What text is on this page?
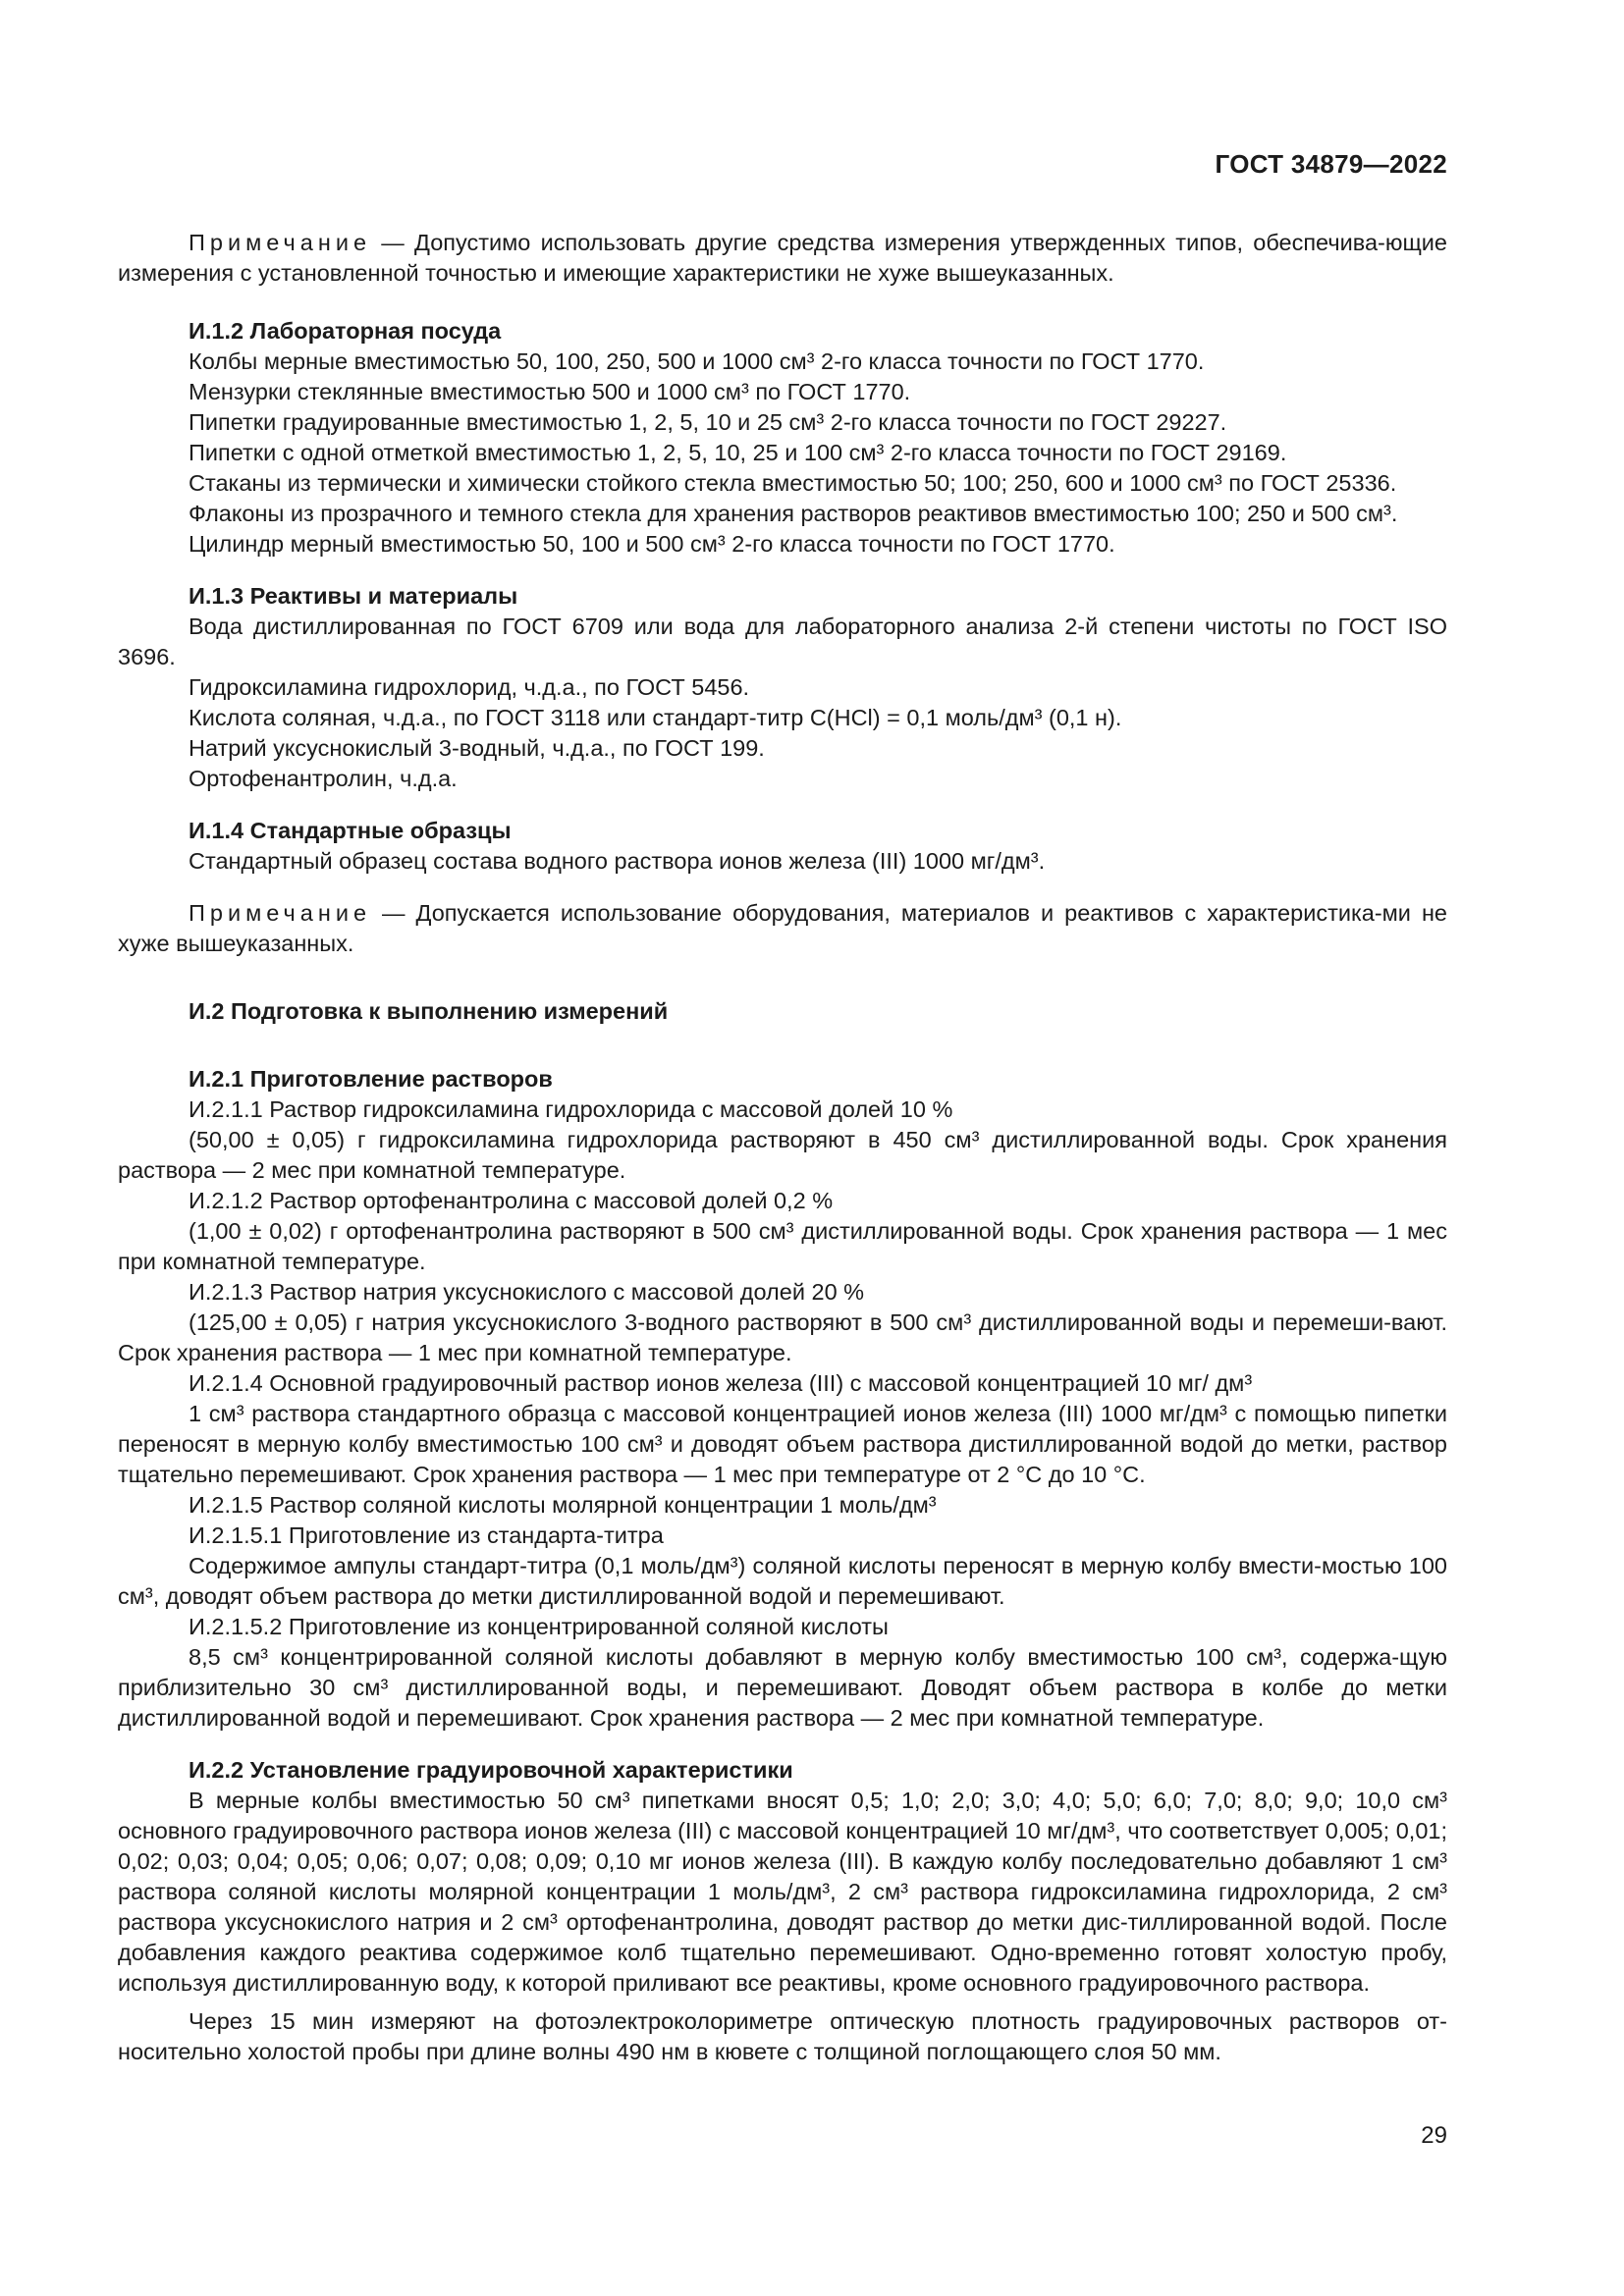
ГОСТ 34879—2022

Примечание — Допустимо использовать другие средства измерения утвержденных типов, обеспечива-ющие измерения с установленной точностью и имеющие характеристики не хуже вышеуказанных.

И.1.2 Лабораторная посуда

Колбы мерные вместимостью 50, 100, 250, 500 и 1000 см³ 2-го класса точности по ГОСТ 1770.

Мензурки стеклянные вместимостью 500 и 1000 см³ по ГОСТ 1770.

Пипетки градуированные вместимостью 1, 2, 5, 10 и 25 см³ 2-го класса точности по ГОСТ 29227.

Пипетки с одной отметкой вместимостью 1, 2, 5, 10, 25 и 100 см³ 2-го класса точности по ГОСТ 29169.

Стаканы из термически и химически стойкого стекла вместимостью 50; 100; 250, 600 и 1000 см³ по ГОСТ 25336.

Флаконы из прозрачного и темного стекла для хранения растворов реактивов вместимостью 100; 250 и 500 см³.

Цилиндр мерный вместимостью 50, 100 и 500 см³ 2-го класса точности по ГОСТ 1770.

И.1.3 Реактивы и материалы

Вода дистиллированная по ГОСТ 6709 или вода для лабораторного анализа 2-й степени чистоты по ГОСТ ISO 3696.

Гидроксиламина гидрохлорид, ч.д.а., по ГОСТ 5456.

Кислота соляная, ч.д.а., по ГОСТ 3118 или стандарт-титр C(HCl) = 0,1 моль/дм³ (0,1 н).

Натрий уксуснокислый 3-водный, ч.д.а., по ГОСТ 199.

Ортофенантролин, ч.д.а.

И.1.4 Стандартные образцы

Стандартный образец состава водного раствора ионов железа (III) 1000 мг/дм³.

Примечание — Допускается использование оборудования, материалов и реактивов с характеристика-ми не хуже вышеуказанных.

И.2 Подготовка к выполнению измерений

И.2.1 Приготовление растворов

И.2.1.1 Раствор гидроксиламина гидрохлорида с массовой долей 10 %

(50,00 ± 0,05) г гидроксиламина гидрохлорида растворяют в 450 см³ дистиллированной воды. Срок хранения раствора — 2 мес при комнатной температуре.

И.2.1.2 Раствор ортофенантролина с массовой долей 0,2 %

(1,00 ± 0,02) г ортофенантролина растворяют в 500 см³ дистиллированной воды. Срок хранения раствора — 1 мес при комнатной температуре.

И.2.1.3 Раствор натрия уксуснокислого с массовой долей 20 %

(125,00 ± 0,05) г натрия уксуснокислого 3-водного растворяют в 500 см³ дистиллированной воды и перемеши-вают. Срок хранения раствора — 1 мес при комнатной температуре.

И.2.1.4 Основной градуировочный раствор ионов железа (III) с массовой концентрацией 10 мг/ дм³

1 см³ раствора стандартного образца с массовой концентрацией ионов железа (III) 1000 мг/дм³ с помощью пипетки переносят в мерную колбу вместимостью 100 см³ и доводят объем раствора дистиллированной водой до метки, раствор тщательно перемешивают. Срок хранения раствора — 1 мес при температуре от 2 °С до 10 °С.

И.2.1.5 Раствор соляной кислоты молярной концентрации 1 моль/дм³

И.2.1.5.1 Приготовление из стандарта-титра

Содержимое ампулы стандарт-титра (0,1 моль/дм³) соляной кислоты переносят в мерную колбу вмести-мостью 100 см³, доводят объем раствора до метки дистиллированной водой и перемешивают.

И.2.1.5.2 Приготовление из концентрированной соляной кислоты

8,5 см³ концентрированной соляной кислоты добавляют в мерную колбу вместимостью 100 см³, содержа-щую приблизительно 30 см³ дистиллированной воды, и перемешивают. Доводят объем раствора в колбе до метки дистиллированной водой и перемешивают. Срок хранения раствора — 2 мес при комнатной температуре.

И.2.2 Установление градуировочной характеристики

В мерные колбы вместимостью 50 см³ пипетками вносят 0,5; 1,0; 2,0; 3,0; 4,0; 5,0; 6,0; 7,0; 8,0; 9,0; 10,0 см³ основного градуировочного раствора ионов железа (III) с массовой концентрацией 10 мг/дм³, что соответствует 0,005; 0,01; 0,02; 0,03; 0,04; 0,05; 0,06; 0,07; 0,08; 0,09; 0,10 мг ионов железа (III). В каждую колбу последовательно добавляют 1 см³ раствора соляной кислоты молярной концентрации 1 моль/дм³, 2 см³ раствора гидроксиламина гидрохлорида, 2 см³ раствора уксуснокислого натрия и 2 см³ ортофенантролина, доводят раствор до метки дис-тиллированной водой. После добавления каждого реактива содержимое колб тщательно перемешивают. Одно-временно готовят холостую пробу, используя дистиллированную воду, к которой приливают все реактивы, кроме основного градуировочного раствора.

Через 15 мин измеряют на фотоэлектроколориметре оптическую плотность градуировочных растворов от-носительно холостой пробы при длине волны 490 нм в кювете с толщиной поглощающего слоя 50 мм.

29
